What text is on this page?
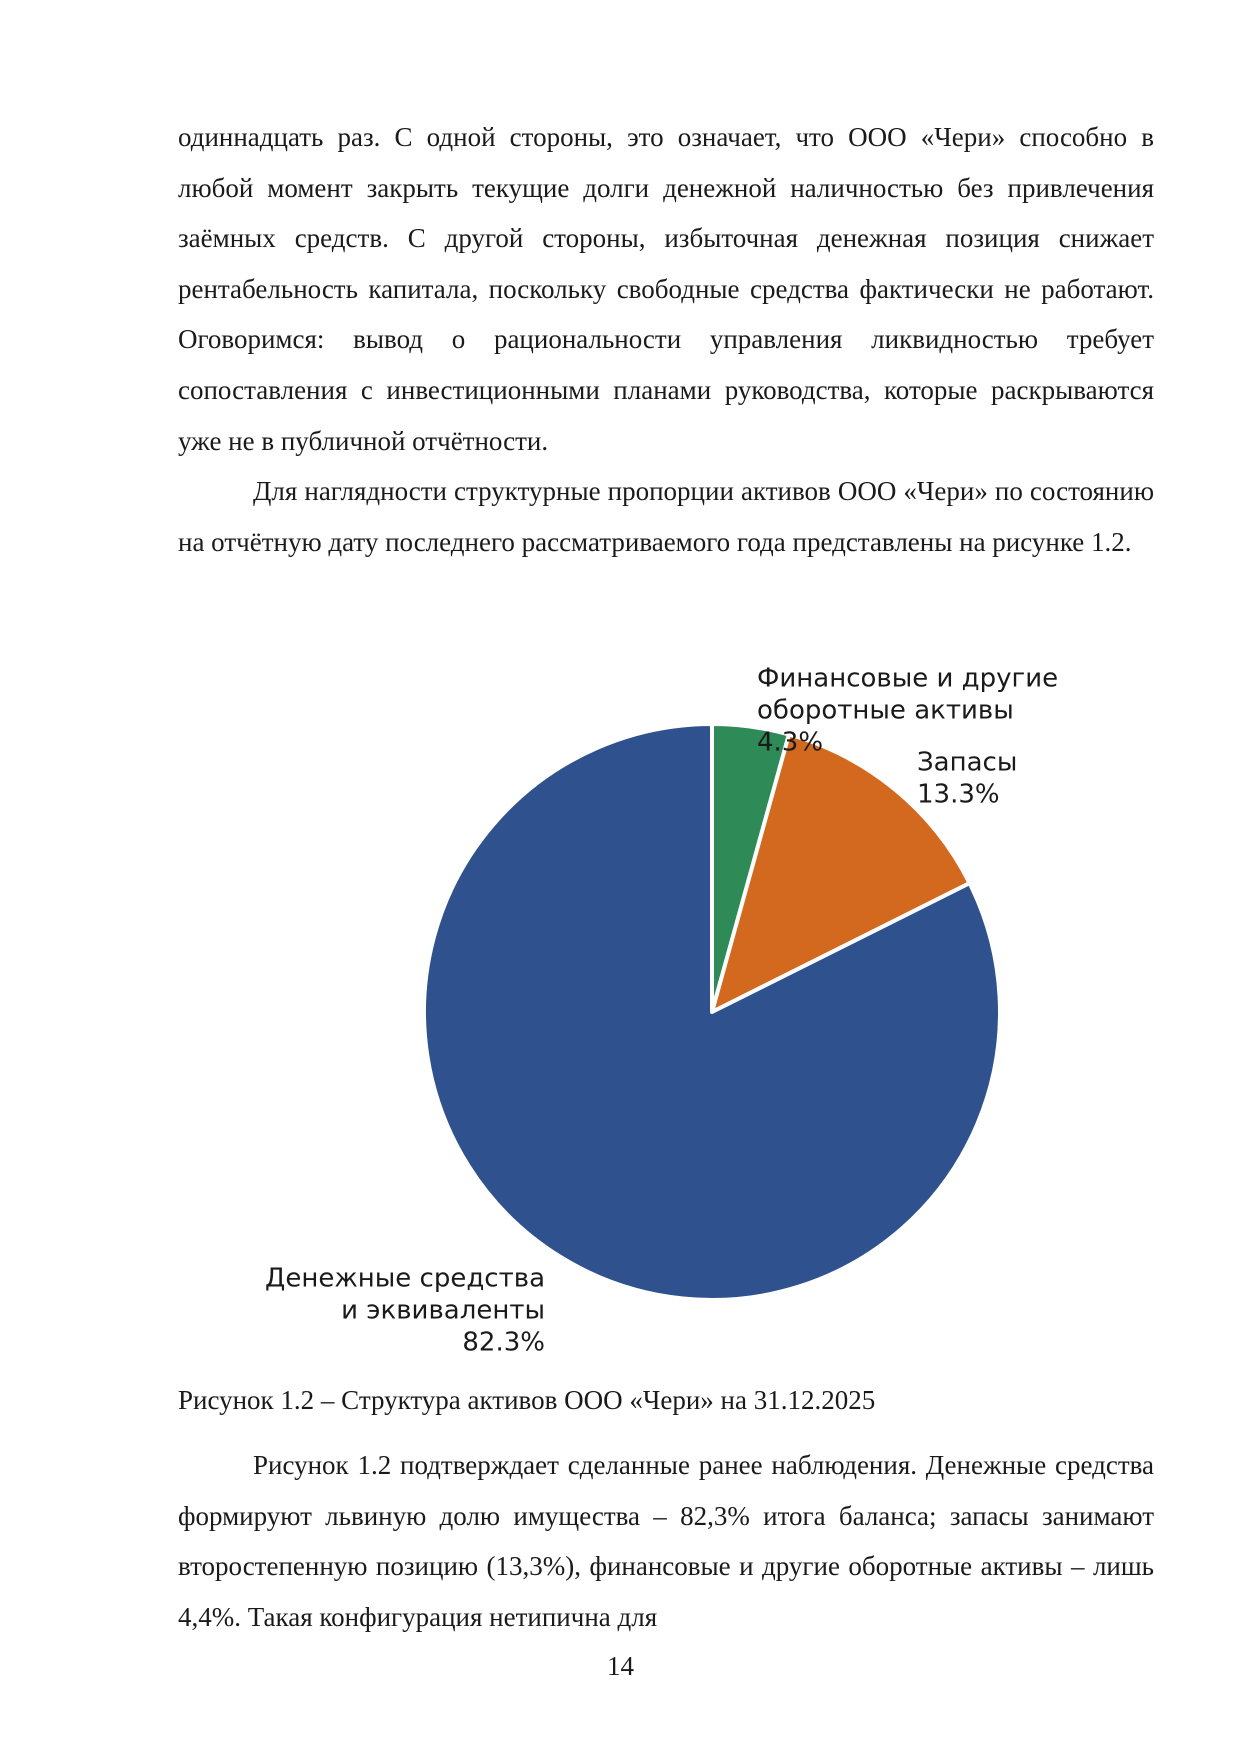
одиннадцать раз. С одной стороны, это означает, что ООО «Чери» способно в любой момент закрыть текущие долги денежной наличностью без привлечения заёмных средств. С другой стороны, избыточная денежная позиция снижает рентабельность капитала, поскольку свободные средства фактически не работают. Оговоримся: вывод о рациональности управления ликвидностью требует сопоставления с инвестиционными планами руководства, которые раскрываются уже не в публичной отчётности.

Для наглядности структурные пропорции активов ООО «Чери» по состоянию на отчётную дату последнего рассматриваемого года представлены на рисунке 1.2.

Финансовые и другие
оборотные активы
4.3%
Запасы
13.3%
Денежные средства
и эквиваленты
82.3%

Рисунок 1.2 – Структура активов ООО «Чери» на 31.12.2025

Рисунок 1.2 подтверждает сделанные ранее наблюдения. Денежные средства формируют львиную долю имущества – 82,3% итога баланса; запасы занимают второстепенную позицию (13,3%), финансовые и другие оборотные активы – лишь 4,4%. Такая конфигурация нетипична для

14
